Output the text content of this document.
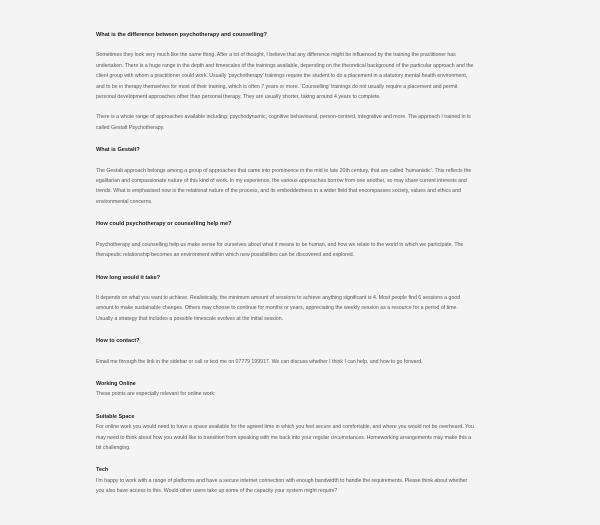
What is the difference between psychotherapy and counselling?
Sometimes they look very much like the same thing. After a lot of thought, I believe that any difference might be influenced by the training the practitioner has
undertaken. There is a huge range in the depth and timescales of the trainings available, depending on the theoretical background of the particular approach and the
client group with whom a practitioner could work. Usually ‘psychotherapy’ trainings require the student to do a placement in a statutory mental health environment,
and to be in therapy themselves for most of their training, which is often 7 years or more. ‘Counselling’ trainings do not usually require a placement and permit
personal development approaches other than personal therapy. They are usually shorter, taking around 4 years to complete.
There is a whole range of approaches available including: psychodynamic, cognitive behavioural, person-centred, integrative and more. The approach I trained in is
called Gestalt Psychotherapy.
What is Gestalt?
The Gestalt approach belongs among a group of approaches that came into prominence in the mid to late 20th century, that are called ‘humanistic’. This reflects the
egalitarian and compassionate nature of this kind of work. In my experience, the various approaches borrow from one another, so may share current interests and
trends. What is emphasised now is the relational nature of the process, and its embeddedness in a wider field that encompasses society, values and ethics and
environmental concerns.
How could psychotherapy or counselling help me?
Psychotherapy and counselling help us make sense for ourselves about what it means to be human, and how we relate to the world in which we participate. The
therapeutic relationship becomes an environment within which new possibilities can be discovered and explored.
How long would it take?
It depends on what you want to achieve. Realistically, the minimum amount of sessions to achieve anything significant is 4. Most people find 6 sessions a good
amount to make sustainable changes. Others may choose to continue for months or years, appreciating the weekly session as a resource for a period of time.
Usually a strategy that includes a possible timescale evolves at the initial session.
How to contact?
Email me through the link in the sidebar or call or text me on 07779 199917. We can discuss whether I think I can help, and how to go forward.
Working Online
These points are especially relevant for online work:
Suitable Space
For online work you would need to have a space available for the agreed time in which you feel secure and comfortable, and where you would not be overheard. You
may need to think about how you would like to transition from speaking with me back into your regular circumstances. Homeworking arrangements may make this a
bit challenging.
Tech
I'm happy to work with a range of platforms and have a secure internet connection with enough bandwidth to handle the requirements. Please think about whether
you also have access to this. Would other users take up some of the capacity your system might require?
